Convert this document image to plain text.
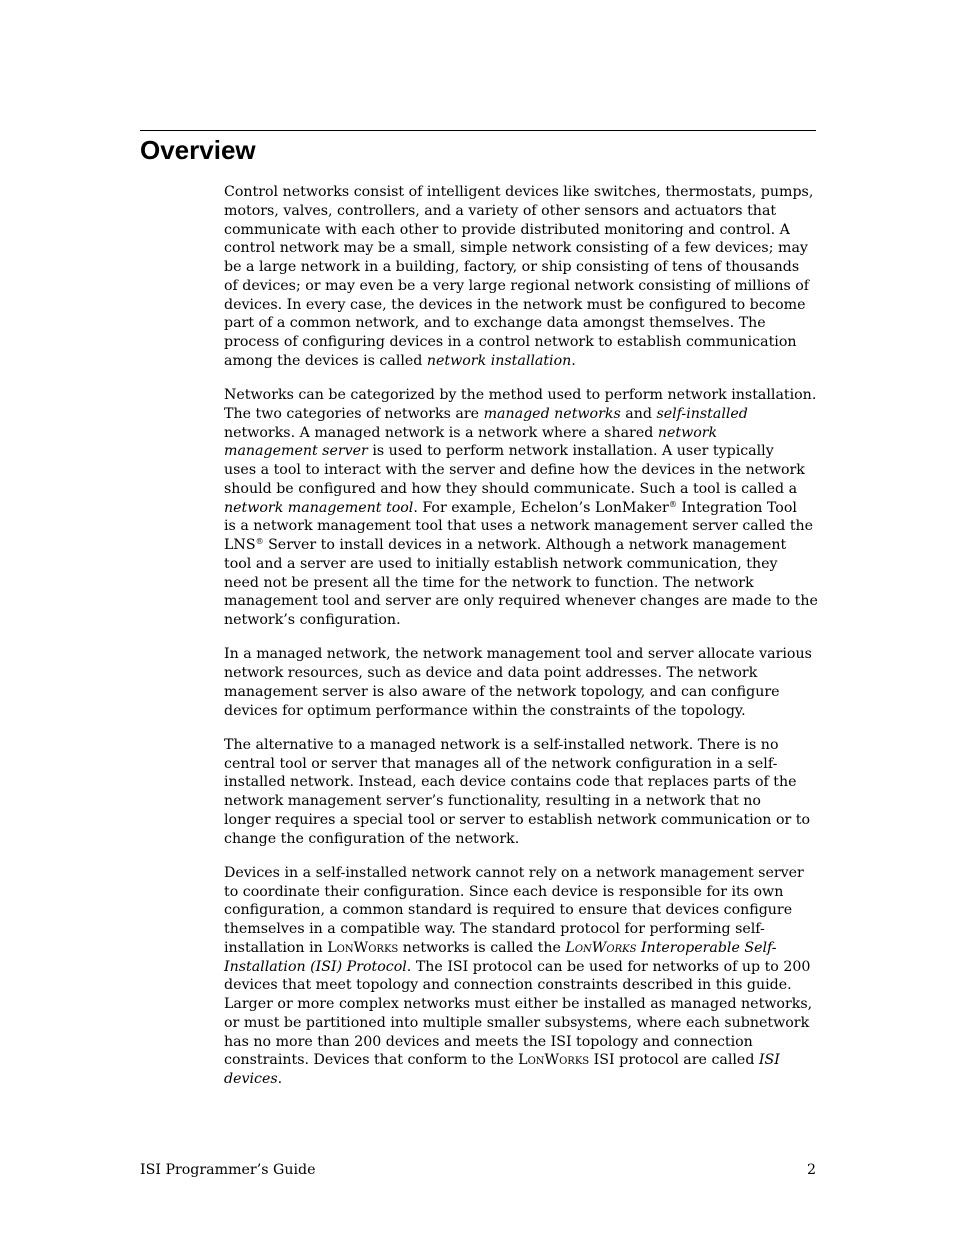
Overview

Control networks consist of intelligent devices like switches, thermostats, pumps,
motors, valves, controllers, and a variety of other sensors and actuators that
communicate with each other to provide distributed monitoring and control. A
control network may be a small, simple network consisting of a few devices; may
be a large network in a building, factory, or ship consisting of tens of thousands
of devices; or may even be a very large regional network consisting of millions of
devices. In every case, the devices in the network must be configured to become
part of a common network, and to exchange data amongst themselves. The
process of configuring devices in a control network to establish communication
among the devices is called network installation.

Networks can be categorized by the method used to perform network installation.
The two categories of networks are managed networks and self-installed
networks. A managed network is a network where a shared network
management server is used to perform network installation. A user typically
uses a tool to interact with the server and define how the devices in the network
should be configured and how they should communicate. Such a tool is called a
network management tool. For example, Echelon’s LonMaker® Integration Tool
is a network management tool that uses a network management server called the
LNS® Server to install devices in a network. Although a network management
tool and a server are used to initially establish network communication, they
need not be present all the time for the network to function. The network
management tool and server are only required whenever changes are made to the
network’s configuration.

In a managed network, the network management tool and server allocate various
network resources, such as device and data point addresses. The network
management server is also aware of the network topology, and can configure
devices for optimum performance within the constraints of the topology.

The alternative to a managed network is a self-installed network. There is no
central tool or server that manages all of the network configuration in a self-
installed network. Instead, each device contains code that replaces parts of the
network management server’s functionality, resulting in a network that no
longer requires a special tool or server to establish network communication or to
change the configuration of the network.

Devices in a self-installed network cannot rely on a network management server
to coordinate their configuration. Since each device is responsible for its own
configuration, a common standard is required to ensure that devices configure
themselves in a compatible way. The standard protocol for performing self-
installation in LonWorks networks is called the LonWorks Interoperable Self-
Installation (ISI) Protocol. The ISI protocol can be used for networks of up to 200
devices that meet topology and connection constraints described in this guide.
Larger or more complex networks must either be installed as managed networks,
or must be partitioned into multiple smaller subsystems, where each subnetwork
has no more than 200 devices and meets the ISI topology and connection
constraints. Devices that conform to the LonWorks ISI protocol are called ISI
devices.

ISI Programmer’s Guide	2
